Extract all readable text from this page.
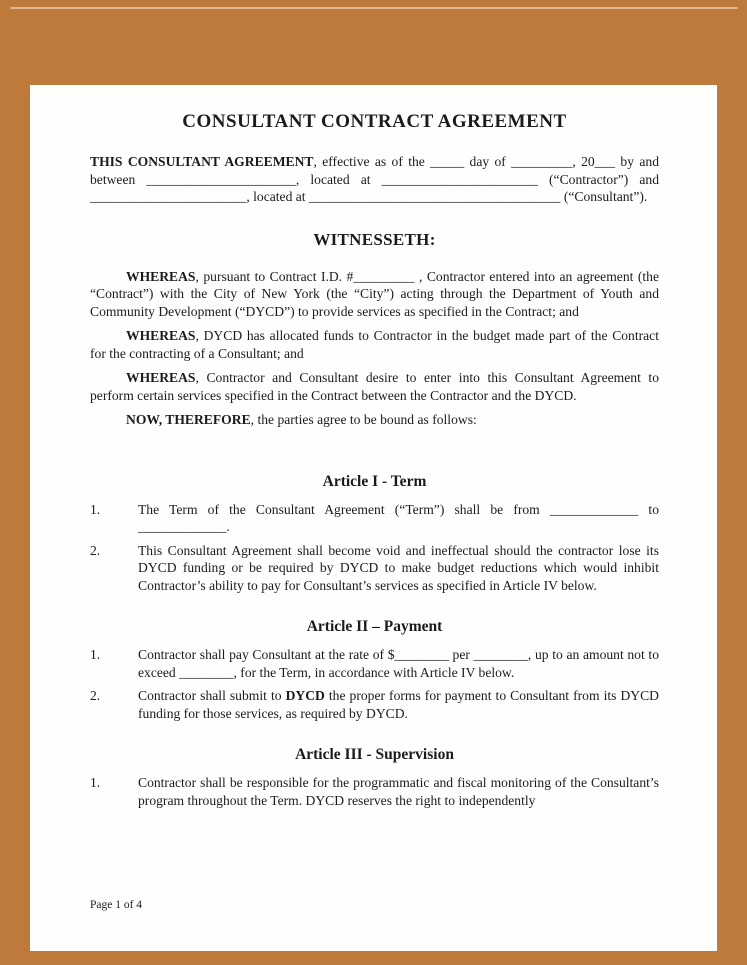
CONSULTANT CONTRACT AGREEMENT

THIS CONSULTANT AGREEMENT, effective as of the _____ day of _________, 20___ by and between ______________________, located at _______________________ (“Contractor”) and _______________________, located at _____________________________________ (“Consultant”).

WITNESSETH:

WHEREAS, pursuant to Contract I.D. #_________ , Contractor entered into an agreement (the “Contract”) with the City of New York (the “City”) acting through the Department of Youth and Community Development (“DYCD”) to provide services as specified in the Contract; and

WHEREAS, DYCD has allocated funds to Contractor in the budget made part of the Contract for the contracting of a Consultant; and

WHEREAS, Contractor and Consultant desire to enter into this Consultant Agreement to perform certain services specified in the Contract between the Contractor and the DYCD.

NOW, THEREFORE, the parties agree to be bound as follows:

Article I - Term
1.	The Term of the Consultant Agreement (“Term”) shall be from _____________ to _____________.
2.	This Consultant Agreement shall become void and ineffectual should the contractor lose its DYCD funding or be required by DYCD to make budget reductions which would inhibit Contractor’s ability to pay for Consultant’s services as specified in Article IV below.
Article II – Payment
1.	Contractor shall pay Consultant at the rate of $________ per ________, up to an amount not to exceed ________, for the Term, in accordance with Article IV below.
2.	Contractor shall submit to DYCD the proper forms for payment to Consultant from its DYCD funding for those services, as required by DYCD.
Article III - Supervision
1.	Contractor shall be responsible for the programmatic and fiscal monitoring of the Consultant’s program throughout the Term. DYCD reserves the right to independently
Page 1 of 4
